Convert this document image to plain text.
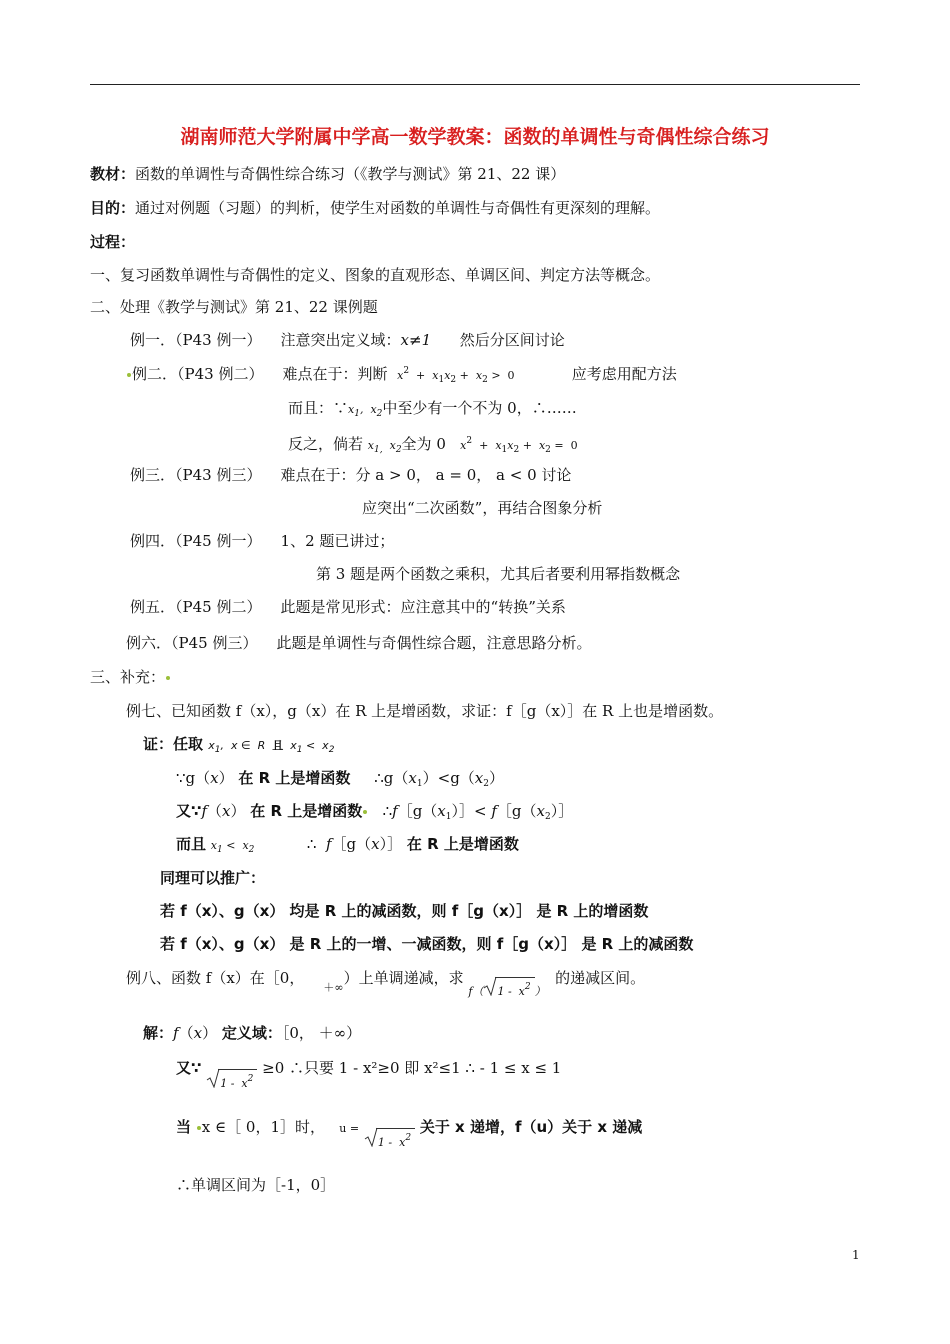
湖南师范大学附属中学高一数学教案：函数的单调性与奇偶性综合练习
教材：函数的单调性与奇偶性综合练习（《教学与测试》第 21、22 课）
目的：通过对例题（习题）的判析，使学生对函数的单调性与奇偶性有更深刻的理解。
过程：
一、复习函数单调性与奇偶性的定义、图象的直观形态、单调区间、判定方法等概念。
二、处理《教学与测试》第 21、22 课例题
例一．（P43 例一） 注意突出定义域：x≠1 然后分区间讨论
例二．（P43 例二） 难点在于：判断 $x^2 + x_1x_2 + x_2 > 0$	应考虑用配方法
而且：$\because x_1$,  $x_2$中至少有一个不为 0，∴……
反之，倘若 $x_{1,}$  $x_2$全为 0 $x^2 + x_1x_2 + x_2 = 0$
例三．（P43 例三） 难点在于：分 a > 0， a = 0， a < 0 讨论
应突出“二次函数”，再结合图象分析
例四．（P45 例一） 1、2 题已讲过；
第 3 题是两个函数之乘积，尤其后者要利用幂指数概念
例五．（P45 例二） 此题是常见形式：应注意其中的“转换”关系
例六．（P45 例三） 此题是单调性与奇偶性综合题，注意思路分析。
三、补充：
例七、已知函数 f（x），g（x）在 R 上是增函数，求证：f［g（x）］在 R 上也是增函数。
证：任取 $x_1$,  x ∈  R  且  $x_1 < x_2$
∵g（x） 在 R 上是增函数 $\therefore g(x_1)<g(x_2)$
又∵f（x） 在 R 上是增函数 $\therefore f[g(x_1)]<$ $f[g(x_2)]$
而且 $x_1 < x_2$           ∴  f［g（x）］ 在 R 上是增函数
同理可以推广：
若 f（x）、g（x） 均是 R 上的减函数，则 f［g（x）］ 是 R 上的增函数
若 f（x）、g（x） 是 R 上的一增、一减函数，则 f［g（x）］ 是 R 上的减函数
例八、函数 f（x）在［0，    $_{+\infty}$）上单调递减，求 $_{f( 1 - x^2 )}$  的递减区间。
解：f（x） 定义域：［0， ＋∞）
又∵
$1 - x^2 \ge 0$ ∴只要 1 - x²≥0 即 x²≤1 ∴ - 1 ≤ x ≤ 1
当 x ∈［ 0，1］时， u =
$1 - x^2$ 关于 x 递增，f（u）关于 x 递减
∴单调区间为［-1，0］
1
